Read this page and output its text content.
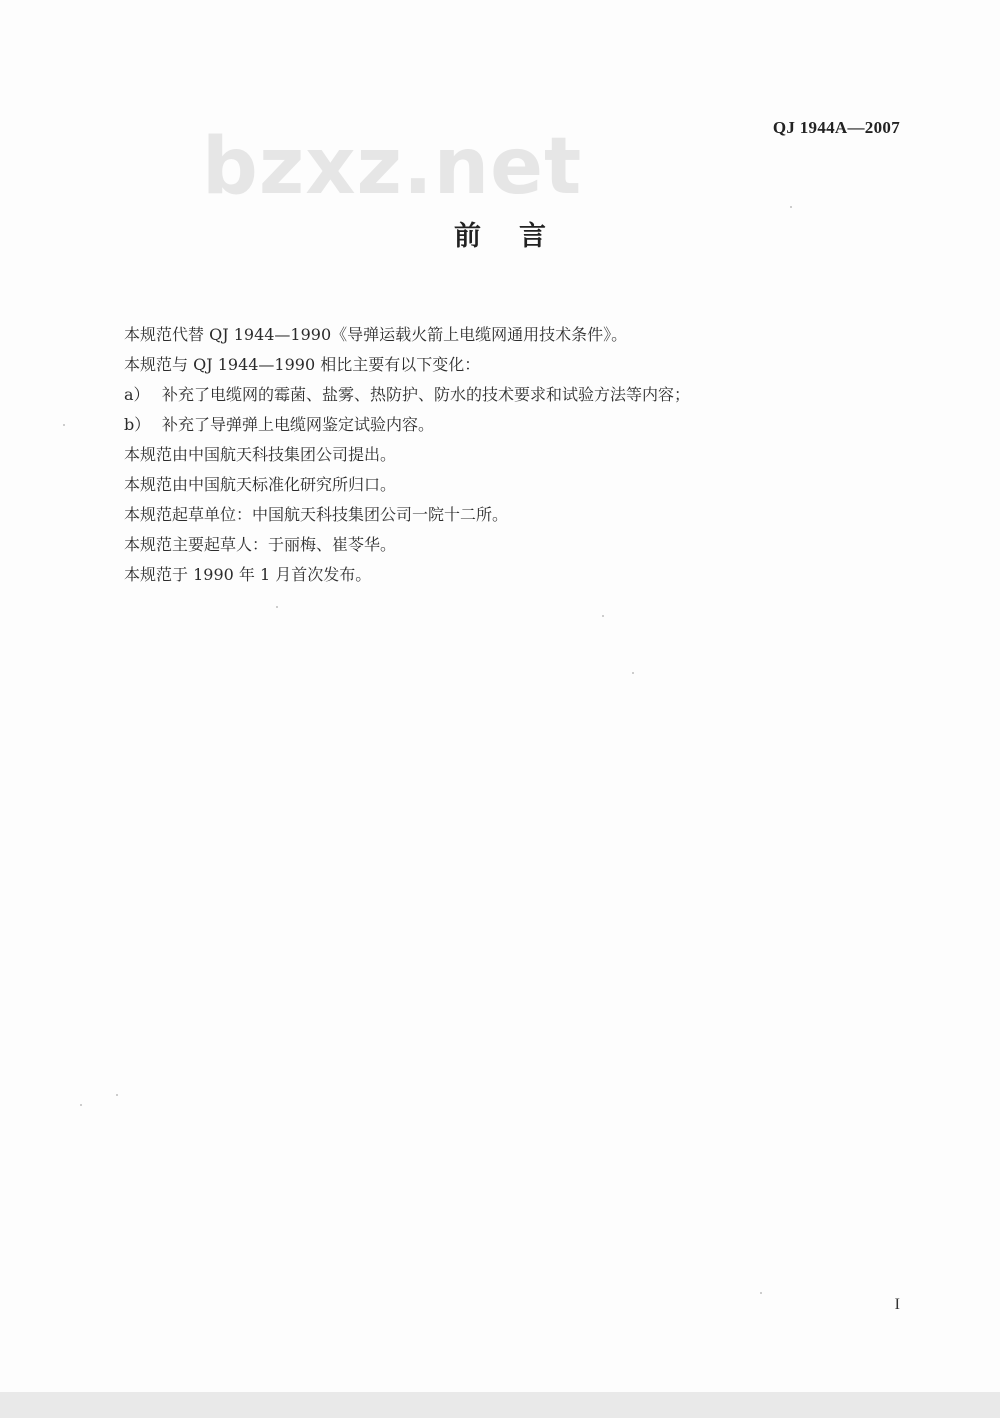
QJ 1944A—2007
bzxz.net
前言
本规范代替 QJ 1944—1990《导弹运载火箭上电缆网通用技术条件》。
本规范与 QJ 1944—1990 相比主要有以下变化：
a） 补充了电缆网的霉菌、盐雾、热防护、防水的技术要求和试验方法等内容；
b） 补充了导弹弹上电缆网鉴定试验内容。
本规范由中国航天科技集团公司提出。
本规范由中国航天标准化研究所归口。
本规范起草单位：中国航天科技集团公司一院十二所。
本规范主要起草人：于丽梅、崔苓华。
本规范于 1990 年 1 月首次发布。
I
